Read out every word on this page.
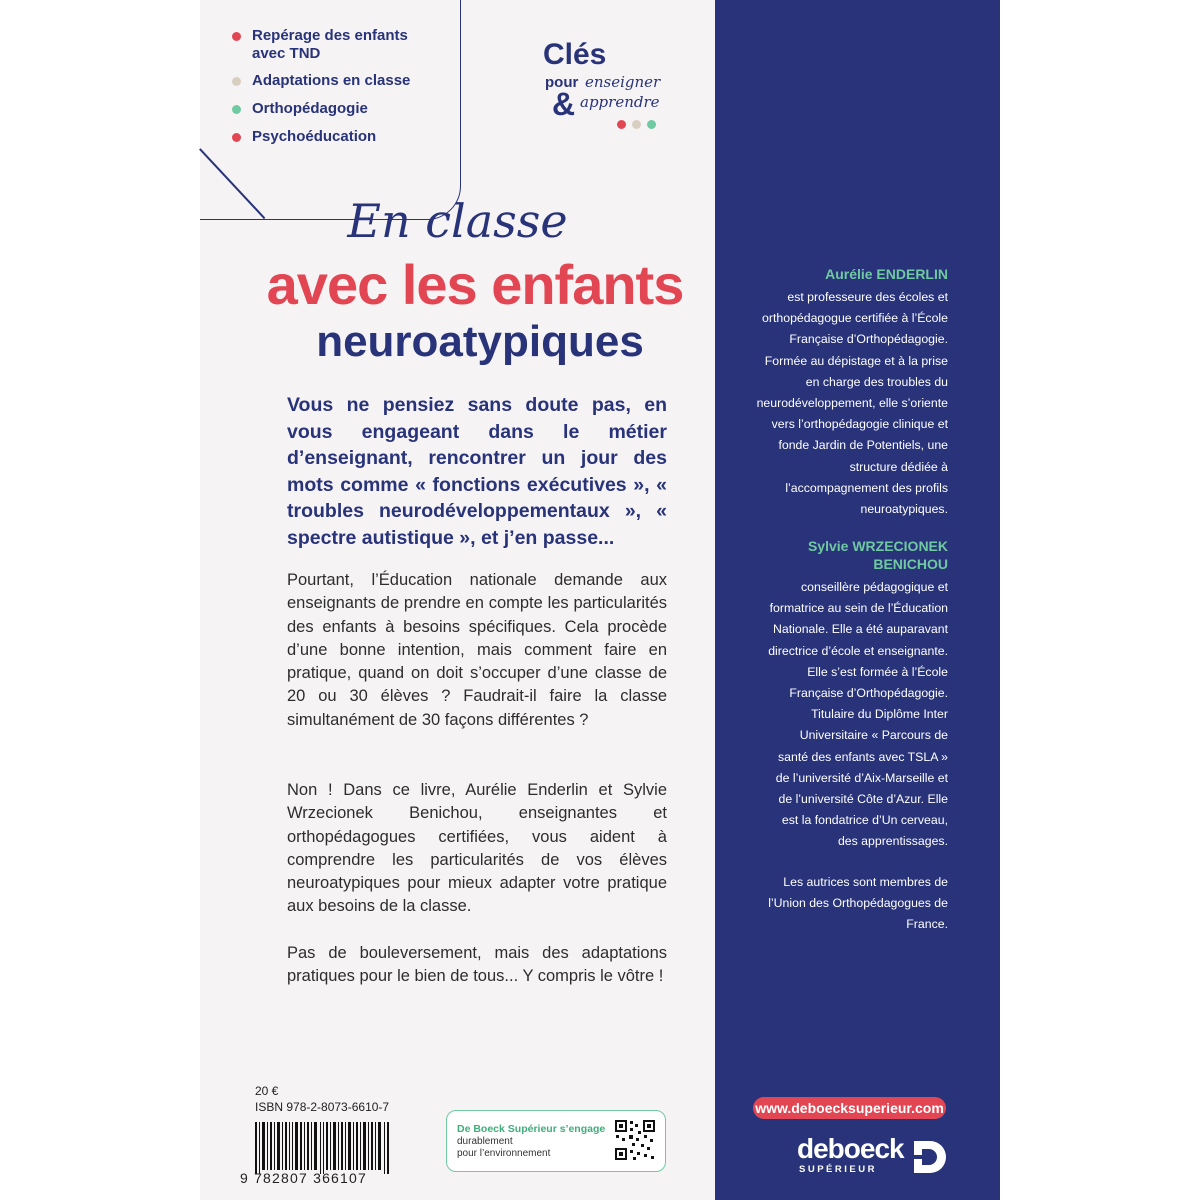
Repérage des enfants avec TND
Adaptations en classe
Orthopédagogie
Psychoéducation
Clés
pour enseigner
& apprendre
En classe
avec les enfants
neuroatypiques

Vous ne pensiez sans doute pas, en vous engageant dans le métier d’enseignant, rencontrer un jour des mots comme « fonctions exécutives », « troubles neurodéveloppementaux », « spectre autistique », et j’en passe...

Pourtant, l’Éducation nationale demande aux enseignants de prendre en compte les particularités des enfants à besoins spécifiques. Cela procède d’une bonne intention, mais comment faire en pratique, quand on doit s’occuper d’une classe de 20 ou 30 élèves ? Faudrait-il faire la classe simultanément de 30 façons différentes ?

Non ! Dans ce livre, Aurélie Enderlin et Sylvie Wrzecionek Benichou, enseignantes et orthopédagogues certifiées, vous aident à comprendre les particularités de vos élèves neuroatypiques pour mieux adapter votre pratique aux besoins de la classe.

Pas de bouleversement, mais des adaptations pratiques pour le bien de tous... Y compris le vôtre !

Aurélie ENDERLIN

est professeure des écoles et orthopédagogue certifiée à l’École Française d’Orthopédagogie. Formée au dépistage et à la prise en charge des troubles du neurodéveloppement, elle s’oriente vers l’orthopédagogie clinique et fonde Jardin de Potentiels, une structure dédiée à l’accompagnement des profils neuroatypiques.

Sylvie WRZECIONEK BENICHOU

conseillère pédagogique et formatrice au sein de l’Éducation Nationale. Elle a été auparavant directrice d’école et enseignante. Elle s’est formée à l’École Française d’Orthopédagogie. Titulaire du Diplôme Inter Universitaire « Parcours de santé des enfants avec TSLA » de l’université d’Aix-Marseille et de l’université Côte d’Azur. Elle est la fondatrice d’Un cerveau, des apprentissages.

Les autrices sont membres de l’Union des Orthopédagogues de France.

20 €
ISBN 978-2-8073-6610-7
9 782807 366107
De Boeck Supérieur s’engage
durablement
pour l’environnement
www.deboecksuperieur.com
deboeck
SUPÉRIEUR
